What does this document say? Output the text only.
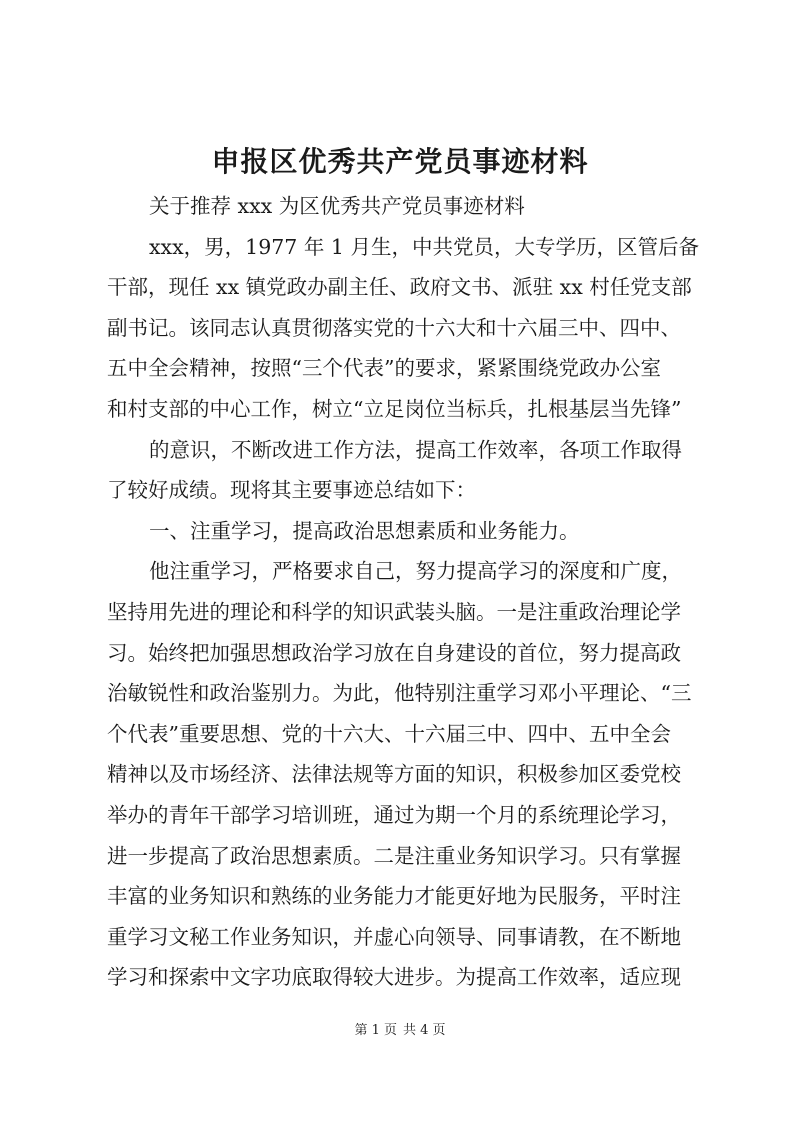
申报区优秀共产党员事迹材料
关于推荐 xxx 为区优秀共产党员事迹材料
xxx，男，1977 年 1 月生，中共党员，大专学历，区管后备
干部，现任 xx 镇党政办副主任、政府文书、派驻 xx 村任党支部
副书记。该同志认真贯彻落实党的十六大和十六届三中、四中、
五中全会精神，按照“三个代表”的要求，紧紧围绕党政办公室
和村支部的中心工作，树立“立足岗位当标兵，扎根基层当先锋”
的意识，不断改进工作方法，提高工作效率，各项工作取得
了较好成绩。现将其主要事迹总结如下：
一、注重学习，提高政治思想素质和业务能力。
他注重学习，严格要求自己，努力提高学习的深度和广度，
坚持用先进的理论和科学的知识武装头脑。一是注重政治理论学
习。始终把加强思想政治学习放在自身建设的首位，努力提高政
治敏锐性和政治鉴别力。为此，他特别注重学习邓小平理论、“三
个代表”重要思想、党的十六大、十六届三中、四中、五中全会
精神以及市场经济、法律法规等方面的知识，积极参加区委党校
举办的青年干部学习培训班，通过为期一个月的系统理论学习，
进一步提高了政治思想素质。二是注重业务知识学习。只有掌握
丰富的业务知识和熟练的业务能力才能更好地为民服务，平时注
重学习文秘工作业务知识，并虚心向领导、同事请教，在不断地
学习和探索中文字功底取得较大进步。为提高工作效率，适应现
第 1 页 共 4 页
